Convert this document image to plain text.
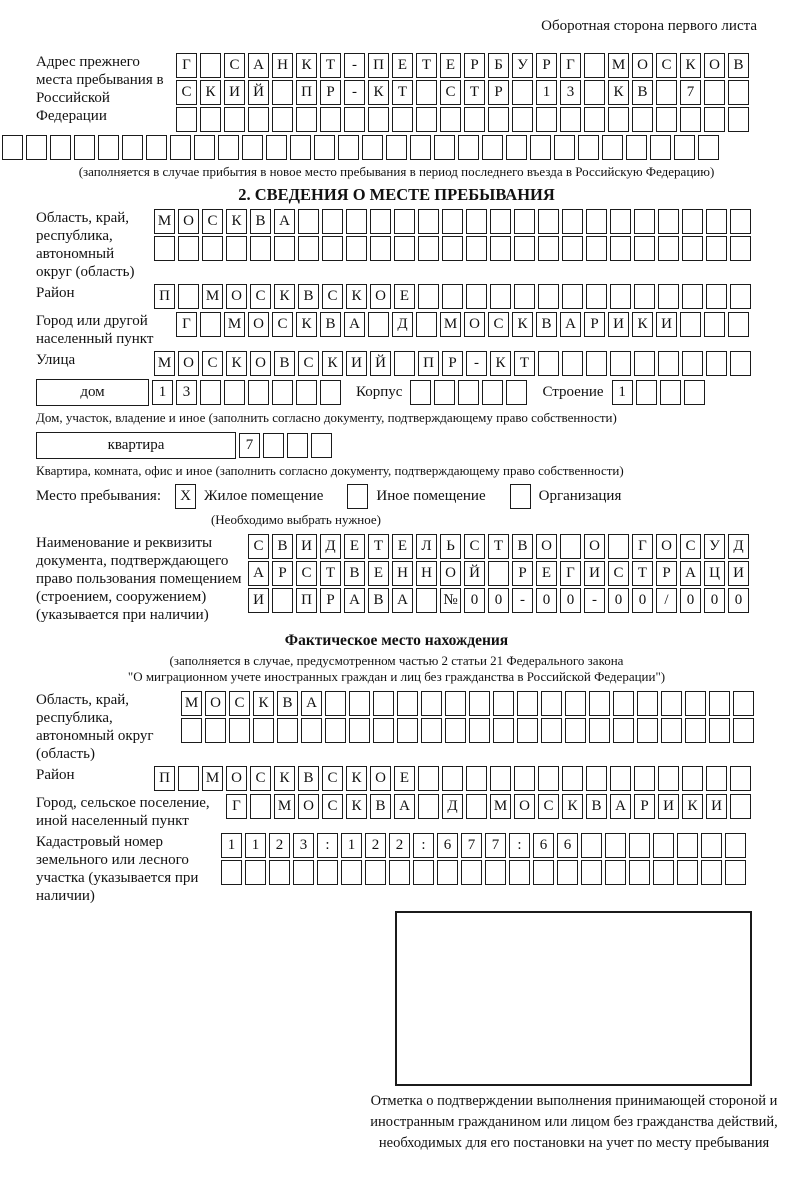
Оборотная сторона первого листа
Адрес прежнего места пребывания в Российской Федерации
Г	С А Н К Т	-	П Е Т Е	Р	Б У Р	Г	М О С К О В
С К И Й	П Р	-	К Т	С Т	Р	1	3	К В	7
(заполняется в случае прибытия в новое место пребывания в период последнего въезда в Российскую Федерацию)
2. СВЕДЕНИЯ О МЕСТЕ ПРЕБЫВАНИЯ
Область, край, республика, автономный округ (область)
М О С К В А
Район	П	М О С К В С К О Е
Город или другой населенный пункт
Г	М О С К В А	Д	М О С К В А Р И К И
Улица	М О С К О В С К И Й	П Р	-	К Т
дом	1	3	Корпус	Строение 1
Дом, участок, владение и иное (заполнить согласно документу, подтверждающему право собственности)
квартира	7
Квартира, комната, офис и иное (заполнить согласно документу, подтверждающему право собственности)
Место пребывания:	X Жилое помещение	Иное помещение	Организация
(Необходимо выбрать нужное)
Наименование и реквизиты документа, подтверждающего право пользования помещением (строением, сооружением) (указывается при наличии)
С В И Д Е Т Е Л Ь С Т В О	О	Г О С У Д
А Р С Т В Е Н Н О Й	Р	Е	Г И С Т	Р А Ц И
И	П Р А В А	№ 0	0	-	0	0	-	0	0	/	0	0	0
Фактическое место нахождения
(заполняется в случае, предусмотренном частью 2 статьи 21 Федерального закона
"О миграционном учете иностранных граждан и лиц без гражданства в Российской Федерации")
Область, край, республика, автономный округ (область)
М О С К В А
Район	П	М О С К В С К О Е
Город, сельское поселение, иной населенный пункт
Г	М О С К В А	Д	М О С К В А Р И К И
Кадастровый номер земельного или лесного участка (указывается при наличии)
1	1	2	3	:	1	2	2	:	6	7	7	:	6	6
Отметка о подтверждении выполнения принимающей стороной и иностранным гражданином или лицом без гражданства действий, необходимых для его постановки на учет по месту пребывания
